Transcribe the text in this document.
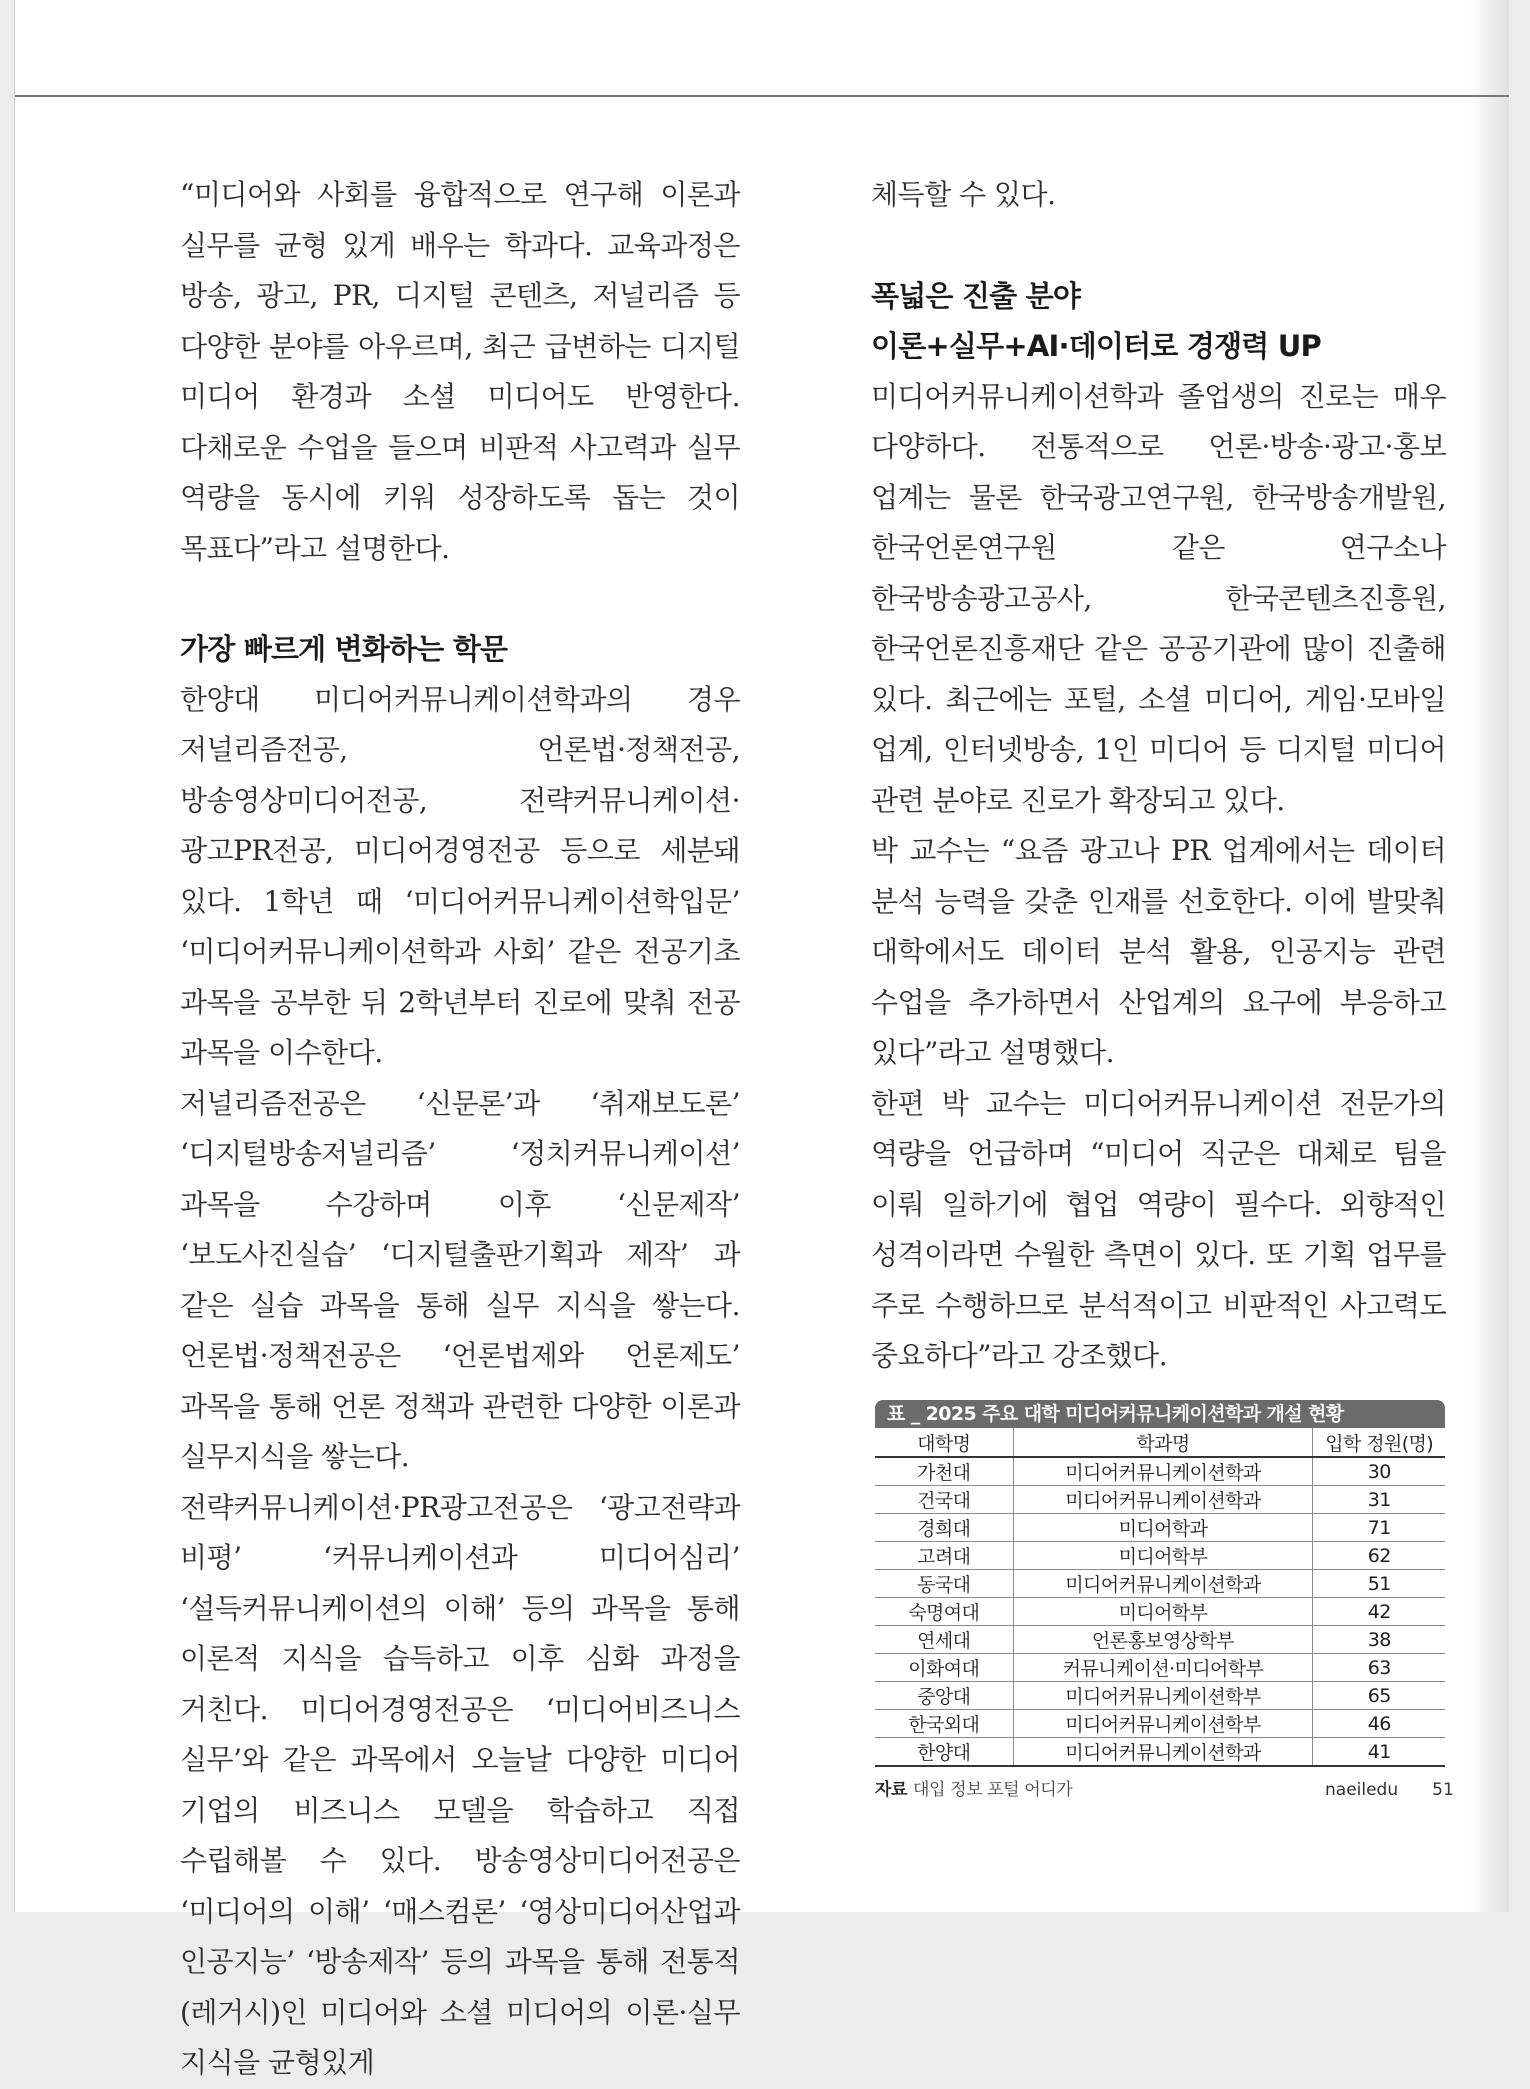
“미디어와 사회를 융합적으로 연구해 이론과 실무를 균형 있게 배우는 학과다. 교육과정은 방송, 광고, PR, 디지털 콘텐츠, 저널리즘 등 다양한 분야를 아우르며, 최근 급변하는 디지털 미디어 환경과 소셜 미디어도 반영한다. 다채로운 수업을 들으며 비판적 사고력과 실무 역량을 동시에 키워 성장하도록 돕는 것이 목표다”라고 설명한다.

가장 빠르게 변화하는 학문

한양대 미디어커뮤니케이션학과의 경우 저널리즘전공, 언론법·정책전공, 방송영상미디어전공, 전략커뮤니케이션·광고PR전공, 미디어경영전공 등으로 세분돼 있다. 1학년 때 ‘미디어커뮤니케이션학입문’ ‘미디어커뮤니케이션학과 사회’ 같은 전공기초 과목을 공부한 뒤 2학년부터 진로에 맞춰 전공 과목을 이수한다.

저널리즘전공은 ‘신문론’과 ‘취재보도론’ ‘디지털방송저널리즘’ ‘정치커뮤니케이션’ 과목을 수강하며 이후 ‘신문제작’ ‘보도사진실습’ ‘디지털출판기획과 제작’ 과 같은 실습 과목을 통해 실무 지식을 쌓는다. 언론법·정책전공은 ‘언론법제와 언론제도’ 과목을 통해 언론 정책과 관련한 다양한 이론과 실무지식을 쌓는다.

전략커뮤니케이션·PR광고전공은 ‘광고전략과 비평’ ‘커뮤니케이션과 미디어심리’ ‘설득커뮤니케이션의 이해’ 등의 과목을 통해 이론적 지식을 습득하고 이후 심화 과정을 거친다. 미디어경영전공은 ‘미디어비즈니스 실무’와 같은 과목에서 오늘날 다양한 미디어 기업의 비즈니스 모델을 학습하고 직접 수립해볼 수 있다. 방송영상미디어전공은 ‘미디어의 이해’ ‘매스컴론’ ‘영상미디어산업과 인공지능’ ‘방송제작’ 등의 과목을 통해 전통적(레거시)인 미디어와 소셜 미디어의 이론·실무 지식을 균형있게

체득할 수 있다.

폭넓은 진출 분야
이론+실무+AI·데이터로 경쟁력 UP

미디어커뮤니케이션학과 졸업생의 진로는 매우 다양하다. 전통적으로 언론·방송·광고·홍보 업계는 물론 한국광고연구원, 한국방송개발원, 한국언론연구원 같은 연구소나 한국방송광고공사, 한국콘텐츠진흥원, 한국언론진흥재단 같은 공공기관에 많이 진출해 있다. 최근에는 포털, 소셜 미디어, 게임·모바일 업계, 인터넷방송, 1인 미디어 등 디지털 미디어 관련 분야로 진로가 확장되고 있다.

박 교수는 “요즘 광고나 PR 업계에서는 데이터 분석 능력을 갖춘 인재를 선호한다. 이에 발맞춰 대학에서도 데이터 분석 활용, 인공지능 관련 수업을 추가하면서 산업계의 요구에 부응하고 있다”라고 설명했다.

한편 박 교수는 미디어커뮤니케이션 전문가의 역량을 언급하며 “미디어 직군은 대체로 팀을 이뤄 일하기에 협업 역량이 필수다. 외향적인 성격이라면 수월한 측면이 있다. 또 기획 업무를 주로 수행하므로 분석적이고 비판적인 사고력도 중요하다”라고 강조했다.

표 _ 2025 주요 대학 미디어커뮤니케이션학과 개설 현황
대학명	학과명	입학 정원(명)
가천대	미디어커뮤니케이션학과	30
건국대	미디어커뮤니케이션학과	31
경희대	미디어학과	71
고려대	미디어학부	62
동국대	미디어커뮤니케이션학과	51
숙명여대	미디어학부	42
연세대	언론홍보영상학부	38
이화여대	커뮤니케이션·미디어학부	63
중앙대	미디어커뮤니케이션학부	65
한국외대	미디어커뮤니케이션학부	46
한양대	미디어커뮤니케이션학과	41
자료 대입 정보 포털 어디가	naeiledu 51
